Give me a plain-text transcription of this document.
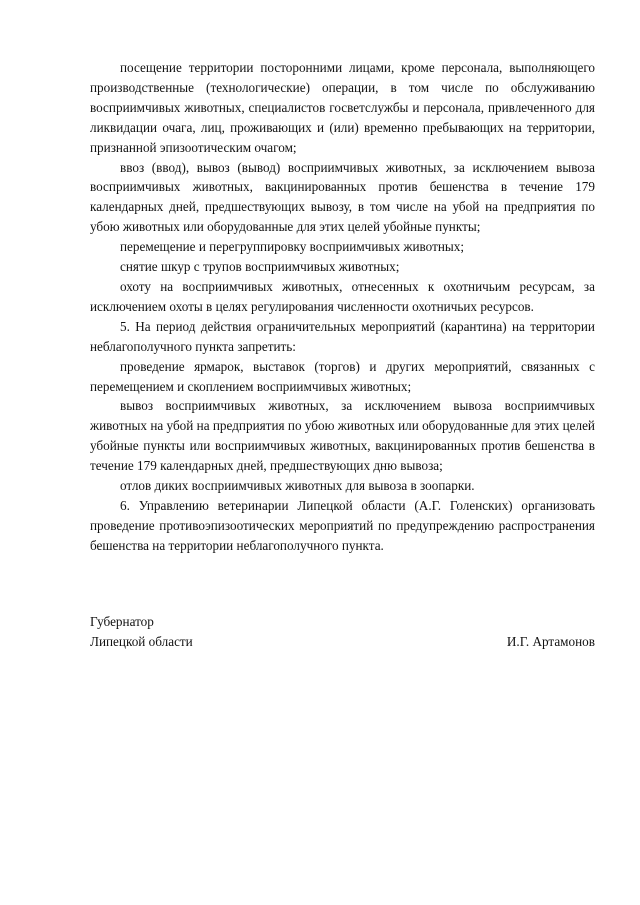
посещение территории посторонними лицами, кроме персонала, выполняющего производственные (технологические) операции, в том числе по обслуживанию восприимчивых животных, специалистов госветслужбы и персонала, привлеченного для ликвидации очага, лиц, проживающих и (или) временно пребывающих на территории, признанной эпизоотическим очагом;

ввоз (ввод), вывоз (вывод) восприимчивых животных, за исключением вывоза восприимчивых животных, вакцинированных против бешенства в течение 179 календарных дней, предшествующих вывозу, в том числе на убой на предприятия по убою животных или оборудованные для этих целей убойные пункты;

перемещение и перегруппировку восприимчивых животных;

снятие шкур с трупов восприимчивых животных;

охоту на восприимчивых животных, отнесенных к охотничьим ресурсам, за исключением охоты в целях регулирования численности охотничьих ресурсов.

5. На период действия ограничительных мероприятий (карантина) на территории неблагополучного пункта запретить:

проведение ярмарок, выставок (торгов) и других мероприятий, связанных с перемещением и скоплением восприимчивых животных;

вывоз восприимчивых животных, за исключением вывоза восприимчивых животных на убой на предприятия по убою животных или оборудованные для этих целей убойные пункты или восприимчивых животных, вакцинированных против бешенства в течение 179 календарных дней, предшествующих дню вывоза;

отлов диких восприимчивых животных для вывоза в зоопарки.

6. Управлению ветеринарии Липецкой области (А.Г. Голенских) организовать проведение противоэпизоотических мероприятий по предупреждению распространения бешенства на территории неблагополучного пункта.

Губернатор
Липецкой области	И.Г. Артамонов
